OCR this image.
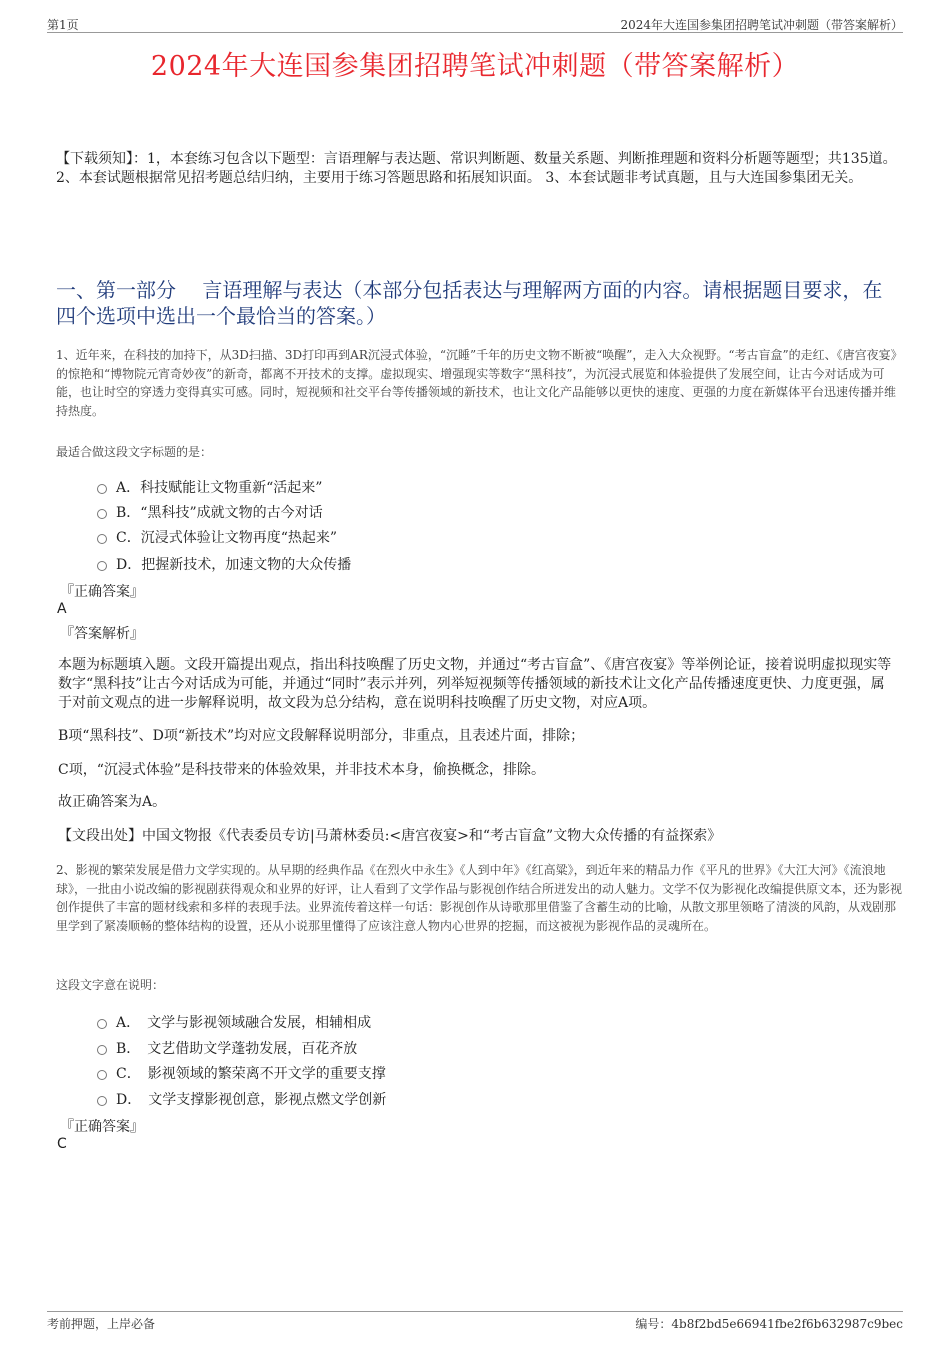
第1页	2024年大连国参集团招聘笔试冲刺题（带答案解析）
2024年大连国参集团招聘笔试冲刺题（带答案解析）
【下载须知】：1，本套练习包含以下题型：言语理解与表达题、常识判断题、数量关系题、判断推理题和资料分析题等题型；共135道。 2、本套试题根据常见招考题总结归纳，主要用于练习答题思路和拓展知识面。 3、本套试题非考试真题，且与大连国参集团无关。
一、第一部分　 言语理解与表达（本部分包括表达与理解两方面的内容。请根据题目要求，在四个选项中选出一个最恰当的答案。）
1、近年来，在科技的加持下，从3D扫描、3D打印再到AR沉浸式体验，“沉睡”千年的历史文物不断被“唤醒”，走入大众视野。“考古盲盒”的走红、《唐宫夜宴》的惊艳和“博物院元宵奇妙夜”的新奇，都离不开技术的支撑。虚拟现实、增强现实等数字“黑科技”，为沉浸式展览和体验提供了发展空间，让古今对话成为可能，也让时空的穿透力变得真实可感。同时，短视频和社交平台等传播领域的新技术，也让文化产品能够以更快的速度、更强的力度在新媒体平台迅速传播并维持热度。
最适合做这段文字标题的是：
A．科技赋能让文物重新“活起来”
B．“黑科技”成就文物的古今对话
C．沉浸式体验让文物再度“热起来”
D．把握新技术，加速文物的大众传播
『正确答案』
A
『答案解析』
本题为标题填入题。文段开篇提出观点，指出科技唤醒了历史文物，并通过“考古盲盒”、《唐宫夜宴》等举例论证，接着说明虚拟现实等数字“黑科技”让古今对话成为可能，并通过“同时”表示并列，列举短视频等传播领域的新技术让文化产品传播速度更快、力度更强，属于对前文观点的进一步解释说明，故文段为总分结构，意在说明科技唤醒了历史文物，对应A项。
B项“黑科技”、D项“新技术”均对应文段解释说明部分，非重点，且表述片面，排除；
C项，“沉浸式体验”是科技带来的体验效果，并非技术本身，偷换概念，排除。
故正确答案为A。
【文段出处】中国文物报《代表委员专访|马萧林委员:<唐宫夜宴>和“考古盲盒”文物大众传播的有益探索》
2、影视的繁荣发展是借力文学实现的。从早期的经典作品《在烈火中永生》《人到中年》《红高粱》，到近年来的精品力作《平凡的世界》《大江大河》《流浪地球》，一批由小说改编的影视剧获得观众和业界的好评，让人看到了文学作品与影视创作结合所迸发出的动人魅力。文学不仅为影视化改编提供原文本，还为影视创作提供了丰富的题材线索和多样的表现手法。业界流传着这样一句话：影视创作从诗歌那里借鉴了含蓄生动的比喻，从散文那里领略了清淡的风韵，从戏剧那里学到了紧凑顺畅的整体结构的设置，还从小说那里懂得了应该注意人物内心世界的挖掘，而这被视为影视作品的灵魂所在。
这段文字意在说明：
A．　文学与影视领域融合发展，相辅相成
B．　文艺借助文学蓬勃发展，百花齐放
C．　影视领域的繁荣离不开文学的重要支撑
D．　文学支撑影视创意，影视点燃文学创新
『正确答案』
C
考前押题，上岸必备	编号：4b8f2bd5e66941fbe2f6b632987c9bec
